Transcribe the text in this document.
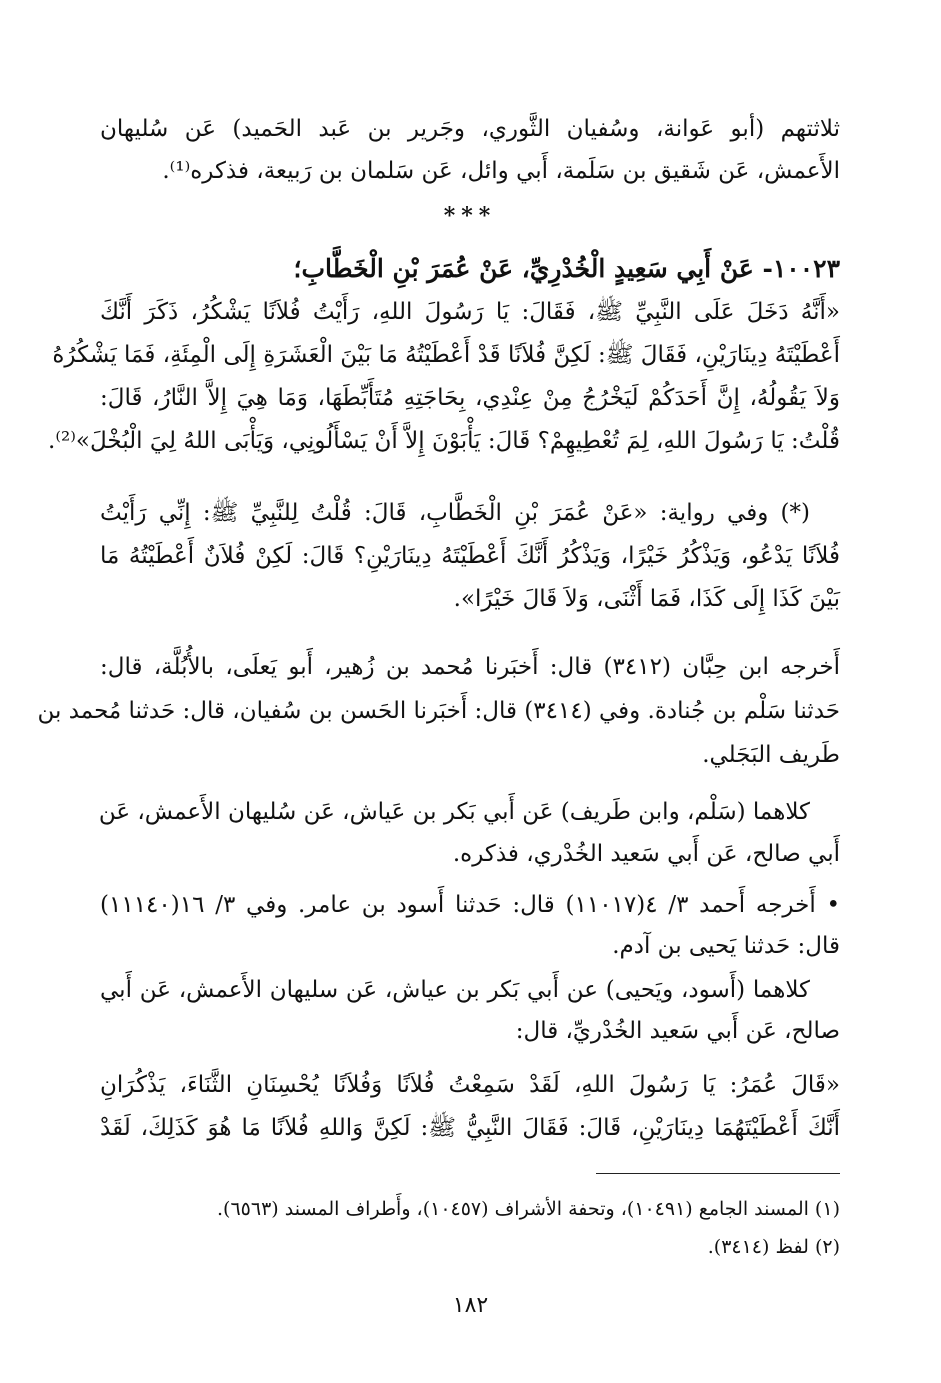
ثلاثتهم (أبو عَوانة، وسُفيان الثَّوري، وجَرير بن عَبد الحَميد) عَن سُليهان
الأَعمش، عَن شَقيق بن سَلَمة، أَبي وائل، عَن سَلمان بن رَبيعة، فذكره⁽¹⁾.
***
١٠٠٢٣- عَنْ أَبِي سَعِيدٍ الْخُدْرِيِّ، عَنْ عُمَرَ بْنِ الْخَطَّابِ؛
«أَنَّهُ دَخَلَ عَلَى النَّبِيِّ ﷺ، فَقَالَ: يَا رَسُولَ اللهِ، رَأَيْتُ فُلاَنًا يَشْكُرُ، ذَكَرَ أَنَّكَ
أَعْطَيْتَهُ دِينَارَيْنِ، فَقَالَ ﷺ: لَكِنَّ فُلاَنًا قَدْ أَعْطَيْتُهُ مَا بَيْنَ الْعَشَرَةِ إِلَى الْمِئَةِ، فَمَا يَشْكُرُهُ
وَلاَ يَقُولُهُ، إِنَّ أَحَدَكُمْ لَيَخْرُجُ مِنْ عِنْدِي، بِحَاجَتِهِ مُتَأَبِّطَهَا، وَمَا هِيَ إِلاَّ النَّارُ، قَالَ:
قُلْتُ: يَا رَسُولَ اللهِ، لِمَ تُعْطِيهِمْ؟ قَالَ: يَأْبَوْنَ إِلاَّ أَنْ يَسْأَلُونِي، وَيَأْبَى اللهُ لِيَ الْبُخْلَ»⁽²⁾.
(*) وفي رواية: «عَنْ عُمَرَ بْنِ الْخَطَّابِ، قَالَ: قُلْتُ لِلنَّبِيِّ ﷺ: إِنِّي رَأَيْتُ
فُلاَنًا يَدْعُو، وَيَذْكُرُ خَيْرًا، وَيَذْكُرُ أَنَّكَ أَعْطَيْتَهُ دِينَارَيْنِ؟ قَالَ: لَكِنْ فُلاَنٌ أَعْطَيْتُهُ مَا
بَيْنَ كَذَا إِلَى كَذَا، فَمَا أَثْنَى، وَلاَ قَالَ خَيْرًا».
أَخرجه ابن حِبَّان (٣٤١٢) قال: أَخبَرنا مُحمد بن زُهير، أَبو يَعلَى، بالأُبُلَّة، قال:
حَدثنا سَلْم بن جُنادة. وفي (٣٤١٤) قال: أَخبَرنا الحَسن بن سُفيان، قال: حَدثنا مُحمد بن
طَريف البَجَلي.
كلاهما (سَلْم، وابن طَريف) عَن أَبي بَكر بن عَياش، عَن سُليهان الأَعمش، عَن
أَبي صالح، عَن أَبي سَعيد الخُدْري، فذكره.
• أَخرجه أَحمد ٣/ ٤(١١٠١٧) قال: حَدثنا أَسود بن عامر. وفي ٣/ ١٦(١١١٤٠)
قال: حَدثنا يَحيى بن آدم.
كلاهما (أَسود، ويَحيى) عن أَبي بَكر بن عياش، عَن سليهان الأَعمش، عَن أَبي
صالح، عَن أَبي سَعيد الخُدْريِّ، قال:
«قَالَ عُمَرُ: يَا رَسُولَ اللهِ، لَقَدْ سَمِعْتُ فُلاَنًا وَفُلاَنًا يُحْسِنَانِ الثَّنَاءَ، يَذْكُرَانِ
أَنَّكَ أَعْطَيْتَهُمَا دِينَارَيْنِ، قَالَ: فَقَالَ النَّبِيُّ ﷺ: لَكِنَّ وَاللهِ فُلاَنًا مَا هُوَ كَذَلِكَ، لَقَدْ
(١) المسند الجامع (١٠٤٩١)، وتحفة الأشراف (١٠٤٥٧)، وأَطراف المسند (٦٥٦٣).
(٢) لفظ (٣٤١٤).
١٨٢
